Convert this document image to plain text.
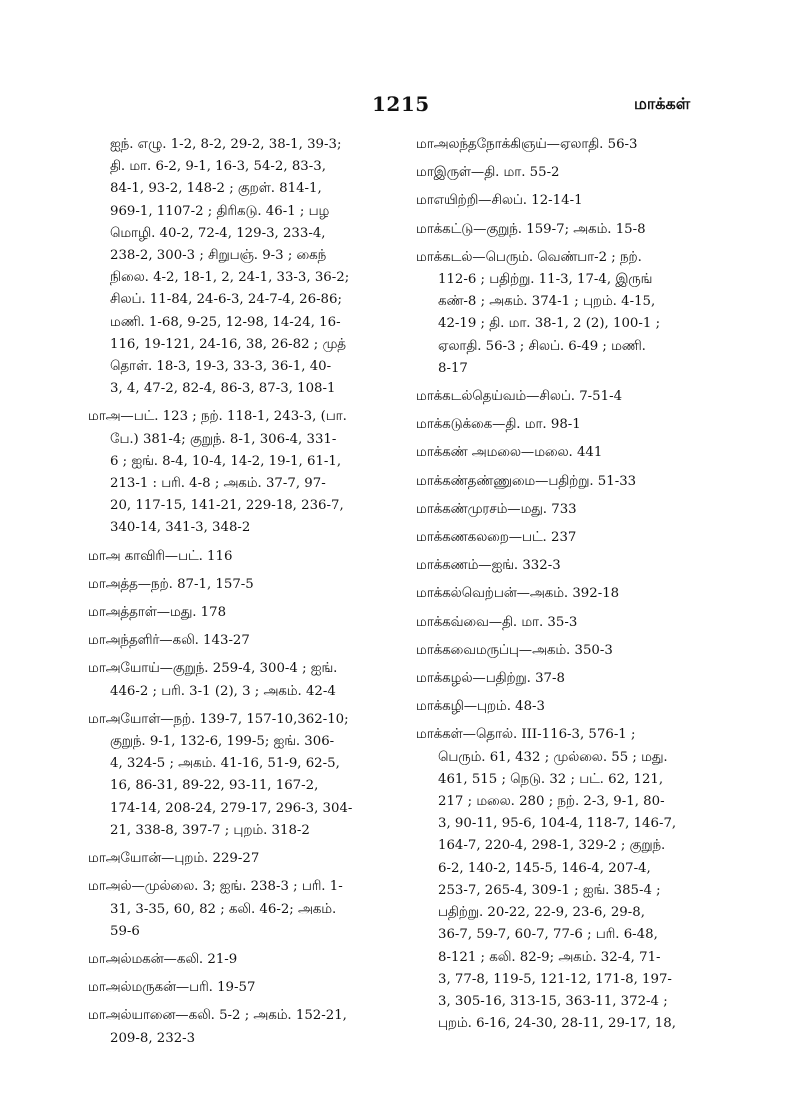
1215	மாக்கள்
ஐந். எழு. 1-2, 8-2, 29-2, 38-1, 39-3;
தி. மா. 6-2, 9-1, 16-3, 54-2, 83-3,
84-1, 93-2, 148-2 ; குறள். 814-1,
969-1, 1107-2 ; திரிகடு. 46-1 ; பழ
மொழி. 40-2, 72-4, 129-3, 233-4,
238-2, 300-3 ; சிறுபஞ். 9-3 ; கைந்
நிலை. 4-2, 18-1, 2, 24-1, 33-3, 36-2;
சிலப். 11-84, 24-6-3, 24-7-4, 26-86;
மணி. 1-68, 9-25, 12-98, 14-24, 16-
116, 19-121, 24-16, 38, 26-82 ; முத்
தொள். 18-3, 19-3, 33-3, 36-1, 40-
3, 4, 47-2, 82-4, 86-3, 87-3, 108-1
மாஅ—பட். 123 ; நற். 118-1, 243-3, (பா.
பே.) 381-4; குறுந். 8-1, 306-4, 331-
6 ; ஐங். 8-4, 10-4, 14-2, 19-1, 61-1,
213-1 : பரி. 4-8 ; அகம். 37-7, 97-
20, 117-15, 141-21, 229-18, 236-7,
340-14, 341-3, 348-2
மாஅ காவிரி—பட். 116
மாஅத்த—நற். 87-1, 157-5
மாஅத்தாள்—மது. 178
மாஅந்தளிர்—கலி. 143-27
மாஅயோய்—குறுந். 259-4, 300-4 ; ஐங்.
446-2 ; பரி. 3-1 (2), 3 ; அகம். 42-4
மாஅயோள்—நற். 139-7, 157-10,362-10;
குறுந். 9-1, 132-6, 199-5; ஐங். 306-
4, 324-5 ; அகம். 41-16, 51-9, 62-5,
16, 86-31, 89-22, 93-11, 167-2,
174-14, 208-24, 279-17, 296-3, 304-
21, 338-8, 397-7 ; புறம். 318-2
மாஅயோன்—புறம். 229-27
மாஅல்—முல்லை. 3; ஐங். 238-3 ; பரி. 1-
31, 3-35, 60, 82 ; கலி. 46-2; அகம்.
59-6
மாஅல்மகன்—கலி. 21-9
மாஅல்மருகன்—பரி. 19-57
மாஅல்யானை—கலி. 5-2 ; அகம். 152-21,
209-8, 232-3
மாஅலந்தநோக்கிஞய்—ஏலாதி. 56-3
மாஇருள்—தி. மா. 55-2
மாஎயிற்றி—சிலப். 12-14-1
மாக்கட்டு—குறுந். 159-7; அகம். 15-8
மாக்கடல்—பெரும். வெண்பா-2 ; நற்.
112-6 ; பதிற்று. 11-3, 17-4, இருங்
கண்-8 ; அகம். 374-1 ; புறம். 4-15,
42-19 ; தி. மா. 38-1, 2 (2), 100-1 ;
ஏலாதி. 56-3 ; சிலப். 6-49 ; மணி.
8-17
மாக்கடல்தெய்வம்—சிலப். 7-51-4
மாக்கடுக்கை—தி. மா. 98-1
மாக்கண் அமலை—மலை. 441
மாக்கண்தண்ணுமை—பதிற்று. 51-33
மாக்கண்முரசம்—மது. 733
மாக்கணகலறை—பட். 237
மாக்கணம்—ஐங். 332-3
மாக்கல்வெற்பன்—அகம். 392-18
மாக்கவ்வை—தி. மா. 35-3
மாக்கவைமருப்பு—அகம். 350-3
மாக்கழல்—பதிற்று. 37-8
மாக்கழி—புறம். 48-3
மாக்கள்—தொல். III-116-3, 576-1 ;
பெரும். 61, 432 ; முல்லை. 55 ; மது.
461, 515 ; நெடு. 32 ; பட். 62, 121,
217 ; மலை. 280 ; நற். 2-3, 9-1, 80-
3, 90-11, 95-6, 104-4, 118-7, 146-7,
164-7, 220-4, 298-1, 329-2 ; குறுந்.
6-2, 140-2, 145-5, 146-4, 207-4,
253-7, 265-4, 309-1 ; ஐங். 385-4 ;
பதிற்று. 20-22, 22-9, 23-6, 29-8,
36-7, 59-7, 60-7, 77-6 ; பரி. 6-48,
8-121 ; கலி. 82-9; அகம். 32-4, 71-
3, 77-8, 119-5, 121-12, 171-8, 197-
3, 305-16, 313-15, 363-11, 372-4 ;
புறம். 6-16, 24-30, 28-11, 29-17, 18,
